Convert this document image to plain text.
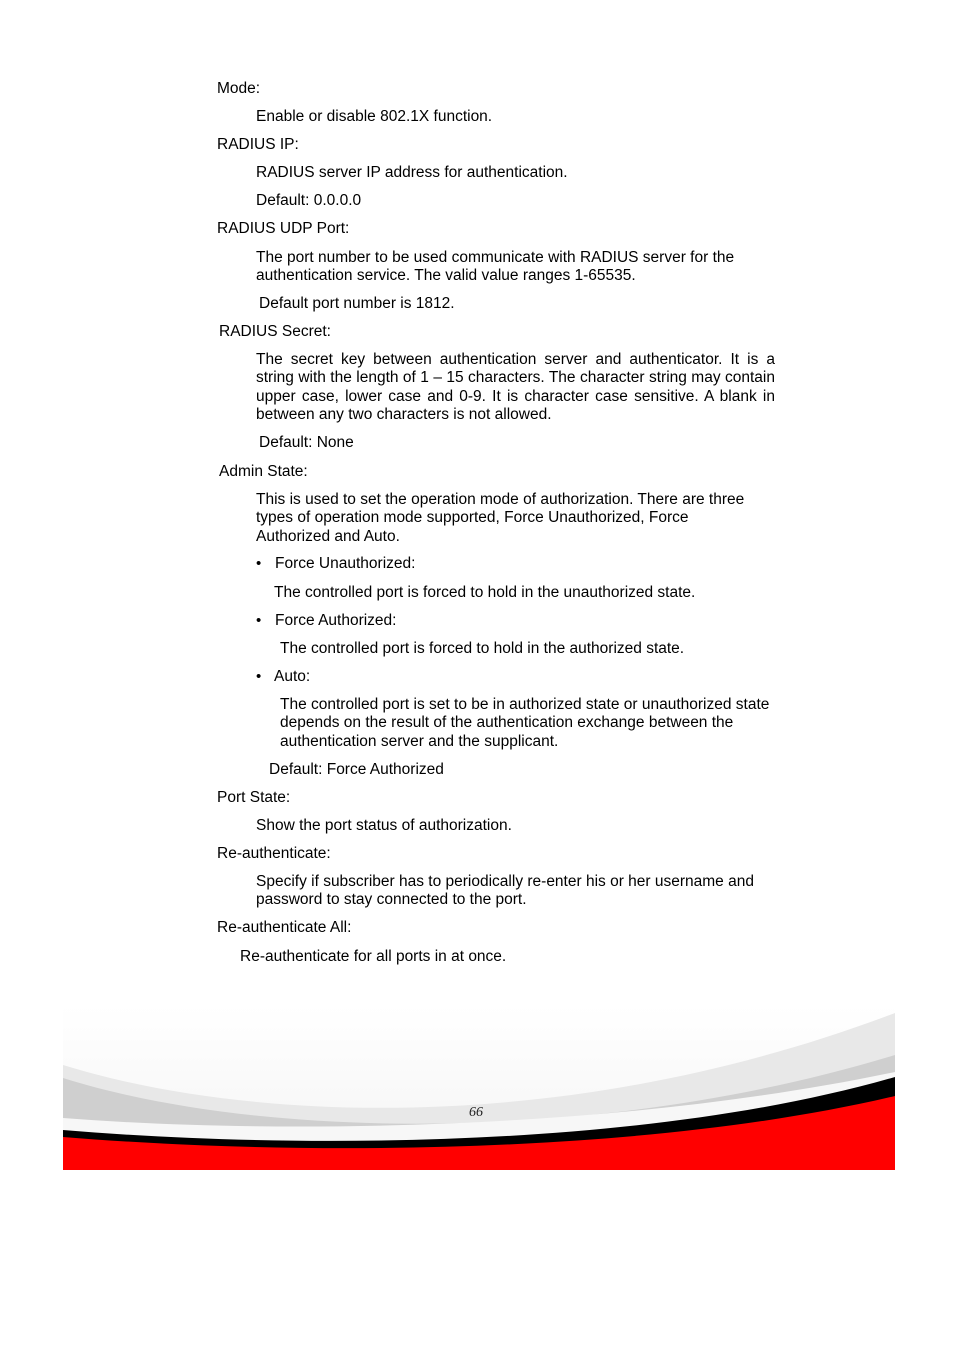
Mode:
Enable or disable 802.1X function.
RADIUS IP:
RADIUS server IP address for authentication.
Default: 0.0.0.0
RADIUS UDP Port:
The port number to be used communicate with RADIUS server for the authentication service. The valid value ranges 1-65535.
Default port number is 1812.
RADIUS Secret:
The secret key between authentication server and authenticator. It is a string with the length of 1 – 15 characters. The character string may contain upper case, lower case and 0-9. It is character case sensitive. A blank in between any two characters is not allowed.
Default: None
Admin State:
This is used to set the operation mode of authorization. There are three types of operation mode supported, Force Unauthorized, Force Authorized and Auto.
• Force Unauthorized:
The controlled port is forced to hold in the unauthorized state.
• Force Authorized:
The controlled port is forced to hold in the authorized state.
• Auto:
The controlled port is set to be in authorized state or unauthorized state depends on the result of the authentication exchange between the authentication server and the supplicant.
Default: Force Authorized
Port State:
Show the port status of authorization.
Re-authenticate:
Specify if subscriber has to periodically re-enter his or her username and password to stay connected to the port.
Re-authenticate All:
Re-authenticate for all ports in at once.
66
